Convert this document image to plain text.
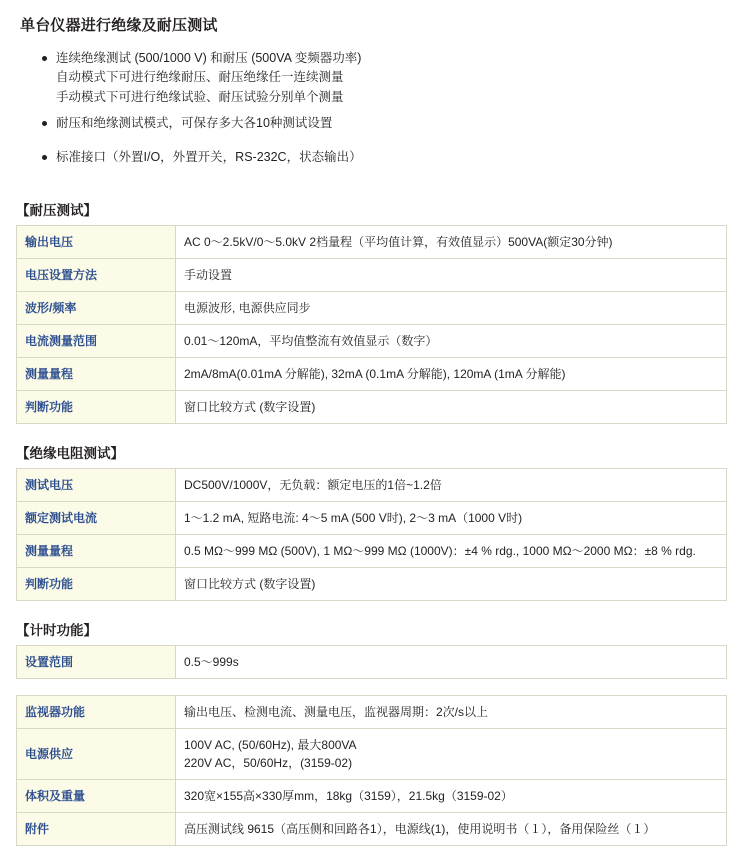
单台仪器进行绝缘及耐压测试
连续绝缘测试 (500/1000 V) 和耐压 (500VA 变频器功率)
自动模式下可进行绝缘耐压、耐压绝缘任一连续测量
手动模式下可进行绝缘试验、耐压试验分别单个测量
耐压和绝缘测试模式，可保存多大各10种测试设置
标准接口（外置I/O，外置开关，RS-232C，状态输出）
【耐压测试】
输出电压	AC 0～2.5kV/0～5.0kV 2档量程（平均值计算，有效值显示）500VA(额定30分钟)
电压设置方法	手动设置
波形/频率	电源波形, 电源供应同步
电流测量范围	0.01～120mA，平均值整流有效值显示（数字）
测量量程	2mA/8mA(0.01mA 分解能), 32mA (0.1mA 分解能), 120mA (1mA 分解能)
判断功能	窗口比较方式 (数字设置)
【绝缘电阻测试】
测试电压	DC500V/1000V，无负载：额定电压的1倍~1.2倍
额定测试电流	1～1.2 mA, 短路电流: 4～5 mA (500 V时), 2～3 mA（1000 V时)
测量量程	0.5 MΩ～999 MΩ (500V), 1 MΩ～999 MΩ (1000V)：±4 % rdg., 1000 MΩ～2000 MΩ：±8 % rdg.
判断功能	窗口比较方式 (数字设置)
【计时功能】
设置范围	0.5～999s
监视器功能	输出电压、检测电流、测量电压，监视器周期：2次/s以上
电源供应	100V AC, (50/60Hz), 最大800VA
220V AC，50/60Hz，(3159-02)

体积及重量	320宽×155高×330厚mm，18kg（3159），21.5kg（3159-02）
附件	高压测试线 9615（高压侧和回路各1），电源线(1)，使用说明书（１），备用保险丝（１）
